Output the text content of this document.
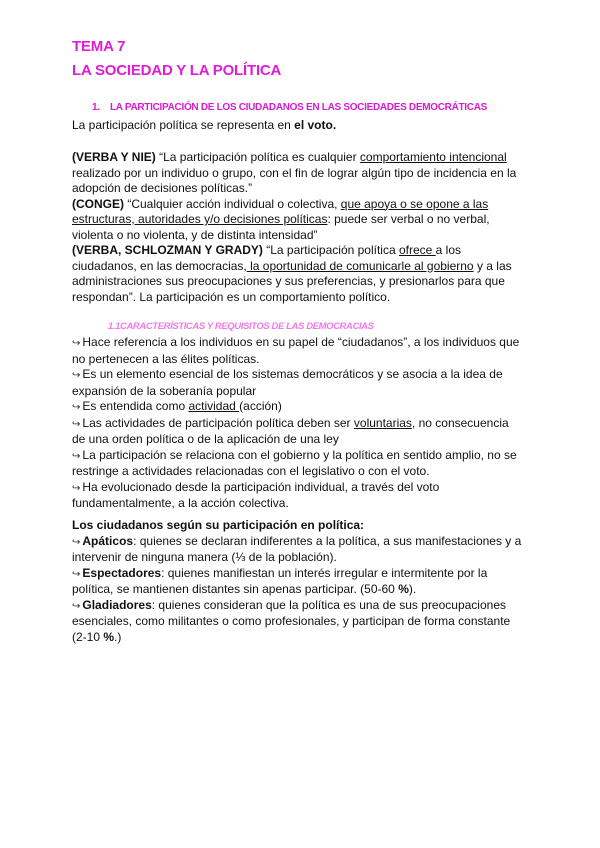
TEMA 7
LA SOCIEDAD Y LA POLÍTICA
1. LA PARTICIPACIÓN DE LOS CIUDADANOS EN LAS SOCIEDADES DEMOCRÁTICAS
La participación política se representa en el voto.
(VERBA Y NIE) “La participación política es cualquier comportamiento intencional
realizado por un individuo o grupo, con el fin de lograr algún tipo de incidencia en la
adopción de decisiones políticas.”
(CONGE) “Cualquier acción individual o colectiva, que apoya o se opone a las
estructuras, autoridades y/o decisiones políticas: puede ser verbal o no verbal,
violenta o no violenta, y de distinta intensidad”
(VERBA, SCHLOZMAN Y GRADY) “La participación política ofrece a los
ciudadanos, en las democracias, la oportunidad de comunicarle al gobierno y a las
administraciones sus preocupaciones y sus preferencias, y presionarlos para que
respondan”. La participación es un comportamiento político.
1.1CARACTERÍSTICAS Y REQUISITOS DE LAS DEMOCRACIAS
↪ Hace referencia a los individuos en su papel de “ciudadanos”, a los individuos que
no pertenecen a las élites políticas.
↪ Es un elemento esencial de los sistemas democráticos y se asocia a la idea de
expansión de la soberanía popular
↪ Es entendida como actividad (acción)
↪ Las actividades de participación política deben ser voluntarias, no consecuencia
de una orden política o de la aplicación de una ley
↪ La participación se relaciona con el gobierno y la política en sentido amplio, no se
restringe a actividades relacionadas con el legislativo o con el voto.
↪ Ha evolucionado desde la participación individual, a través del voto
fundamentalmente, a la acción colectiva.
Los ciudadanos según su participación en política:
↪ Apáticos: quienes se declaran indiferentes a la política, a sus manifestaciones y a
intervenir de ninguna manera (⅓ de la población).
↪ Espectadores: quienes manifiestan un interés irregular e intermitente por la
política, se mantienen distantes sin apenas participar. (50-60 %).
↪ Gladiadores: quienes consideran que la política es una de sus preocupaciones
esenciales, como militantes o como profesionales, y participan de forma constante
(2-10 %.)
